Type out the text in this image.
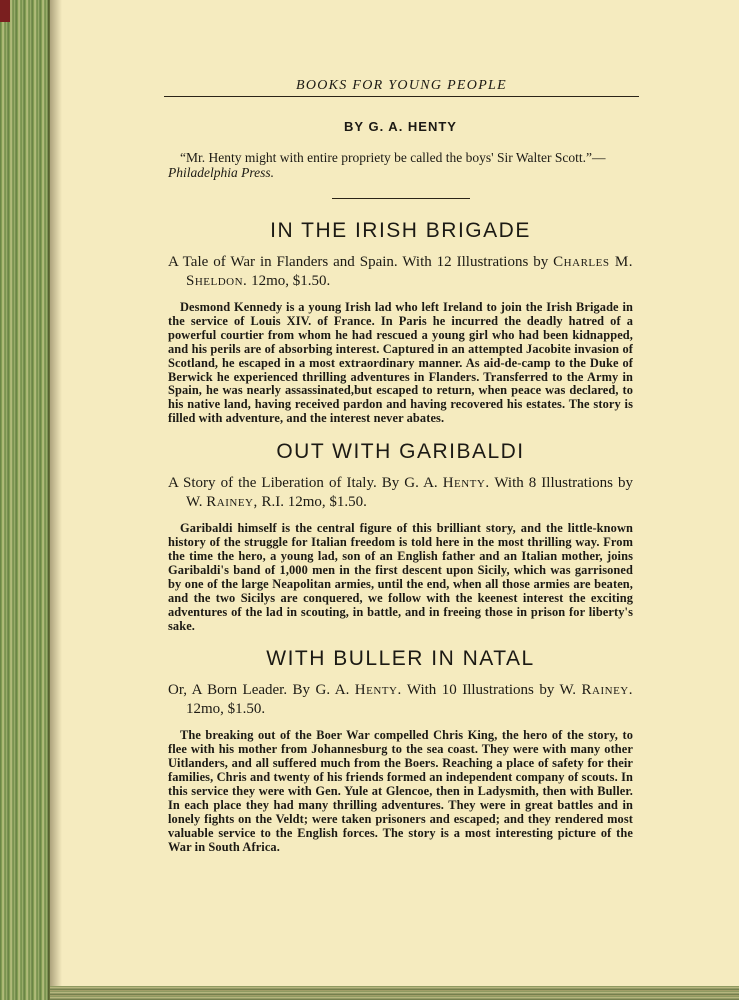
BOOKS FOR YOUNG PEOPLE
BY G. A. HENTY
“Mr. Henty might with entire propriety be called the boys' Sir Walter Scott.”—Philadelphia Press.
IN THE IRISH BRIGADE
A Tale of War in Flanders and Spain. With 12 Illustrations by Charles M. Sheldon. 12mo, $1.50.
Desmond Kennedy is a young Irish lad who left Ireland to join the Irish Brigade in the service of Louis XIV. of France. In Paris he incurred the deadly hatred of a powerful courtier from whom he had rescued a young girl who had been kidnapped, and his perils are of absorbing interest. Captured in an attempted Jacobite invasion of Scotland, he escaped in a most extraordinary manner. As aid-de-camp to the Duke of Berwick he experienced thrilling adventures in Flanders. Transferred to the Army in Spain, he was nearly assassinated,but escaped to return, when peace was declared, to his native land, having received pardon and having recovered his estates. The story is filled with adventure, and the interest never abates.
OUT WITH GARIBALDI
A Story of the Liberation of Italy. By G. A. Henty. With 8 Illustrations by W. Rainey, R.I. 12mo, $1.50.
Garibaldi himself is the central figure of this brilliant story, and the little-known history of the struggle for Italian freedom is told here in the most thrilling way. From the time the hero, a young lad, son of an English father and an Italian mother, joins Garibaldi's band of 1,000 men in the first descent upon Sicily, which was garrisoned by one of the large Neapolitan armies, until the end, when all those armies are beaten, and the two Sicilys are conquered, we follow with the keenest interest the exciting adventures of the lad in scouting, in battle, and in freeing those in prison for liberty's sake.
WITH BULLER IN NATAL
Or, A Born Leader. By G. A. Henty. With 10 Illustrations by W. Rainey. 12mo, $1.50.
The breaking out of the Boer War compelled Chris King, the hero of the story, to flee with his mother from Johannesburg to the sea coast. They were with many other Uitlanders, and all suffered much from the Boers. Reaching a place of safety for their families, Chris and twenty of his friends formed an independent company of scouts. In this service they were with Gen. Yule at Glencoe, then in Ladysmith, then with Buller. In each place they had many thrilling adventures. They were in great battles and in lonely fights on the Veldt; were taken prisoners and escaped; and they rendered most valuable service to the English forces. The story is a most interesting picture of the War in South Africa.
